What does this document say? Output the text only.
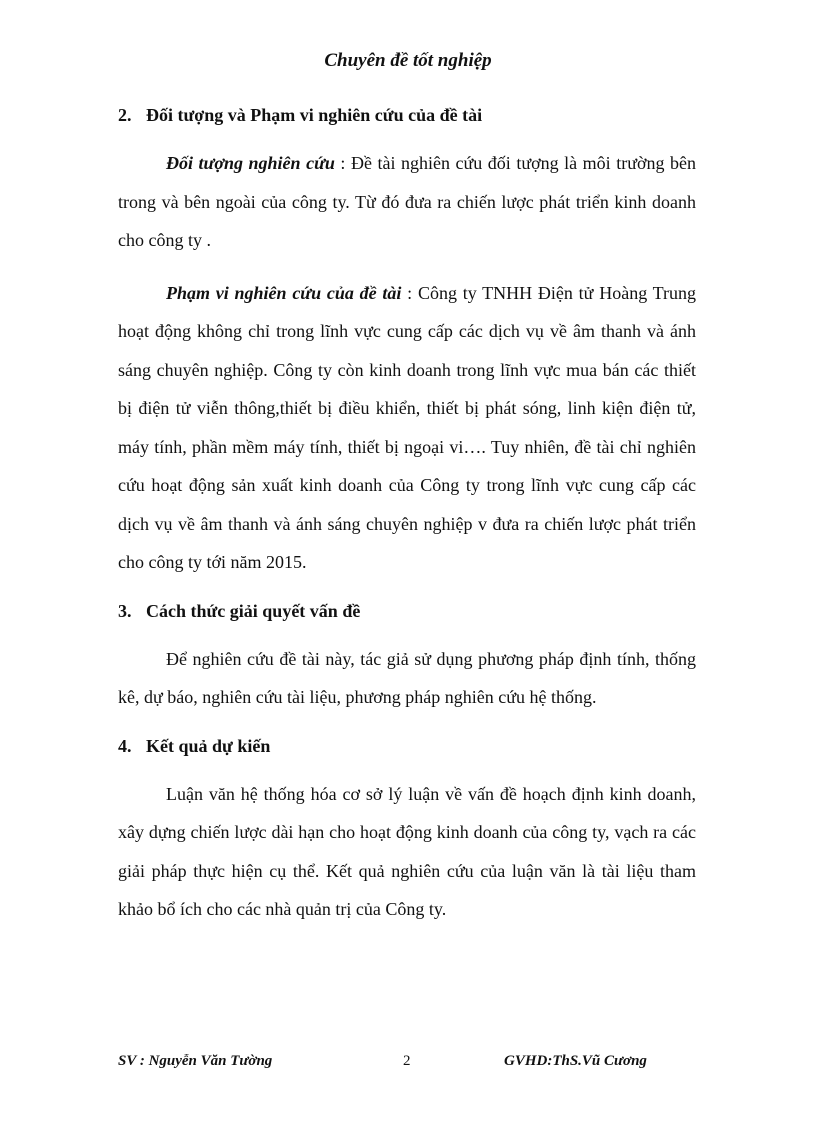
Chuyên đề tốt nghiệp
2. Đối tượng và Phạm vi nghiên cứu của đề tài

Đối tượng nghiên cứu : Đề tài nghiên cứu đối tượng là môi trường bên trong và bên ngoài của công ty. Từ đó đưa ra chiến lược phát triển kinh doanh cho công ty .

Phạm vi nghiên cứu của đề tài : Công ty TNHH Điện tử Hoàng Trung hoạt động không chỉ trong lĩnh vực cung cấp các dịch vụ về âm thanh và ánh sáng chuyên nghiệp. Công ty còn kinh doanh trong lĩnh vực mua bán các thiết bị điện tử viễn thông,thiết bị điều khiển, thiết bị phát sóng, linh kiện điện tử, máy tính, phần mềm máy tính, thiết bị ngoại vi…. Tuy nhiên, đề tài chỉ nghiên cứu hoạt động sản xuất kinh doanh của Công ty trong lĩnh vực cung cấp các dịch vụ về âm thanh và ánh sáng chuyên nghiệp v đưa ra chiến lược phát triển cho công ty tới năm 2015.

3. Cách thức giải quyết vấn đề

Để nghiên cứu đề tài này, tác giả sử dụng phương pháp định tính, thống kê, dự báo, nghiên cứu tài liệu, phương pháp nghiên cứu hệ thống.

4. Kết quả dự kiến

Luận văn hệ thống hóa cơ sở lý luận về vấn đề hoạch định kinh doanh, xây dựng chiến lược dài hạn cho hoạt động kinh doanh của công ty, vạch ra các giải pháp thực hiện cụ thể. Kết quả nghiên cứu của luận văn là tài liệu tham khảo bổ ích cho các nhà quản trị của Công ty.

SV : Nguyễn Văn Tường	2	GVHD:ThS.Vũ Cương
